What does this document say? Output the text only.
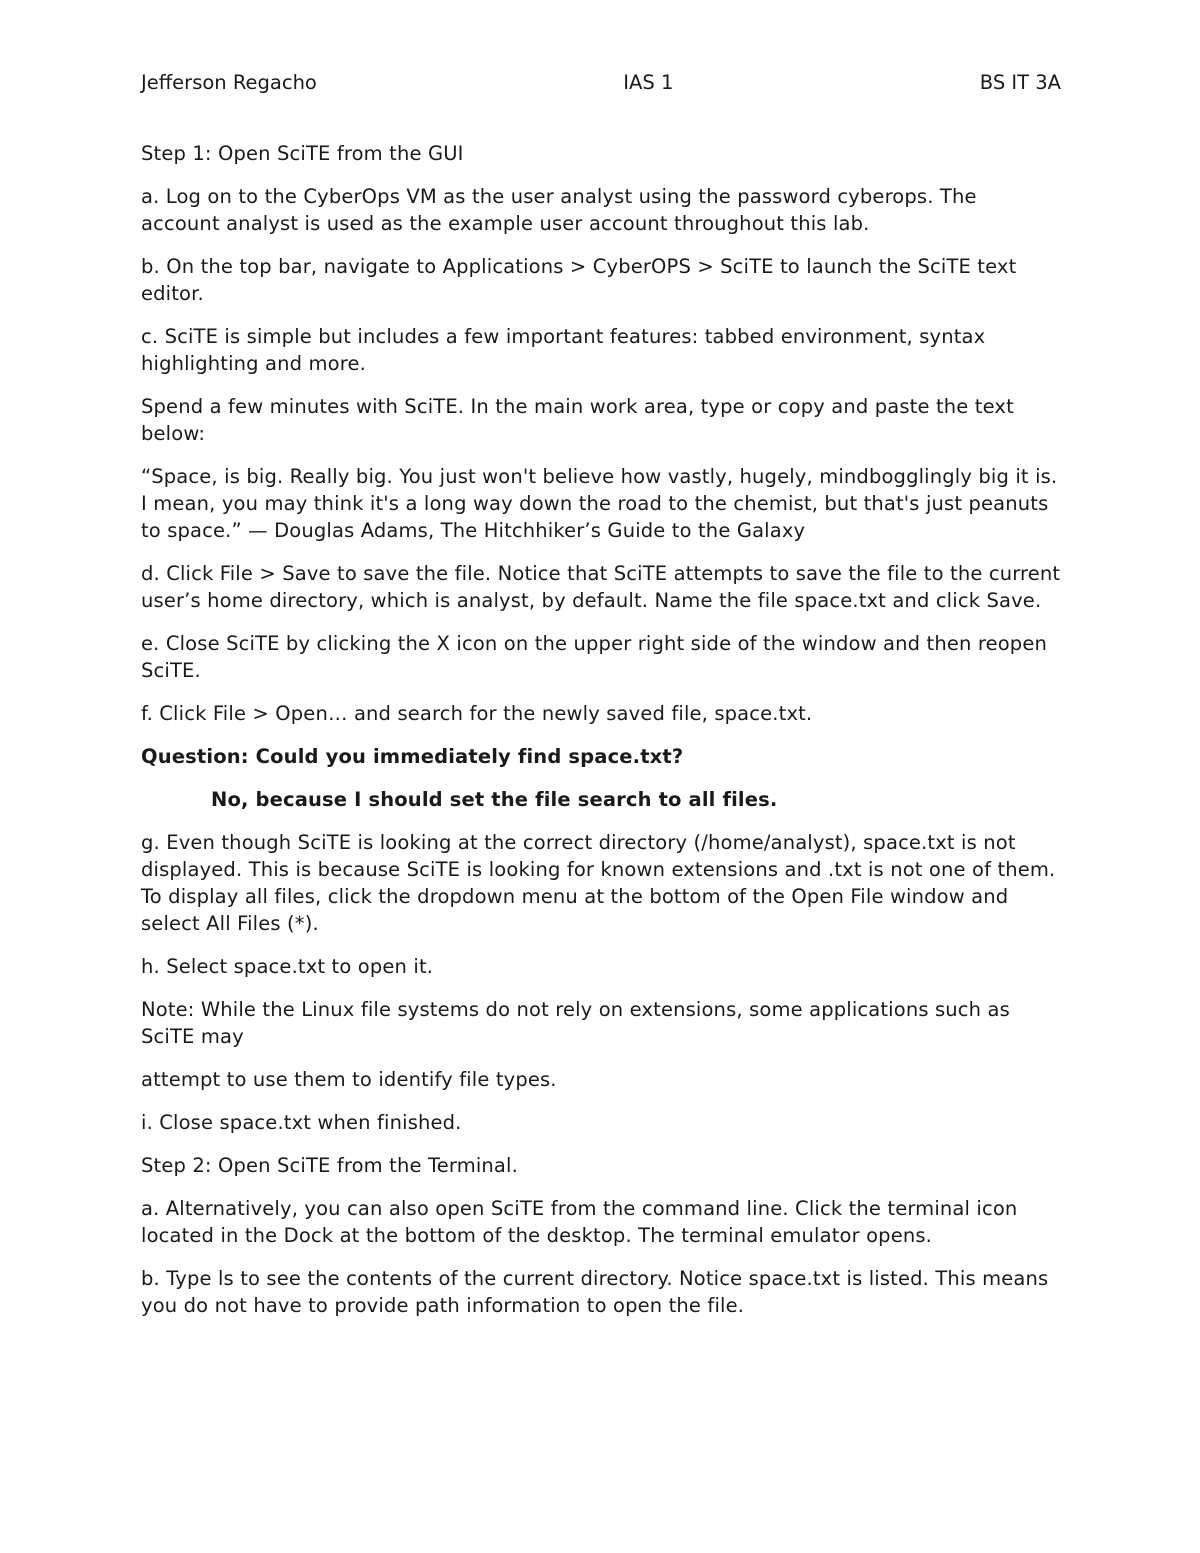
Jefferson Regacho	IAS 1	BS IT 3A

Step 1: Open SciTE from the GUI

a. Log on to the CyberOps VM as the user analyst using the password cyberops. The account analyst is used as the example user account throughout this lab.

b. On the top bar, navigate to Applications > CyberOPS > SciTE to launch the SciTE text editor.

c. SciTE is simple but includes a few important features: tabbed environment, syntax highlighting and more.

Spend a few minutes with SciTE. In the main work area, type or copy and paste the text below:

“Space, is big. Really big. You just won't believe how vastly, hugely, mindbogglingly big it is. I mean, you may think it's a long way down the road to the chemist, but that's just peanuts to space.” — Douglas Adams, The Hitchhiker’s Guide to the Galaxy

d. Click File > Save to save the file. Notice that SciTE attempts to save the file to the current user’s home directory, which is analyst, by default. Name the file space.txt and click Save.

e. Close SciTE by clicking the X icon on the upper right side of the window and then reopen SciTE.

f. Click File > Open… and search for the newly saved file, space.txt.

Question: Could you immediately find space.txt?

No, because I should set the file search to all files.

g. Even though SciTE is looking at the correct directory (/home/analyst), space.txt is not displayed. This is because SciTE is looking for known extensions and .txt is not one of them. To display all files, click the dropdown menu at the bottom of the Open File window and select All Files (*).

h. Select space.txt to open it.

Note: While the Linux file systems do not rely on extensions, some applications such as SciTE may

attempt to use them to identify file types.

i. Close space.txt when finished.

Step 2: Open SciTE from the Terminal.

a. Alternatively, you can also open SciTE from the command line. Click the terminal icon located in the Dock at the bottom of the desktop. The terminal emulator opens.

b. Type ls to see the contents of the current directory. Notice space.txt is listed. This means you do not have to provide path information to open the file.
